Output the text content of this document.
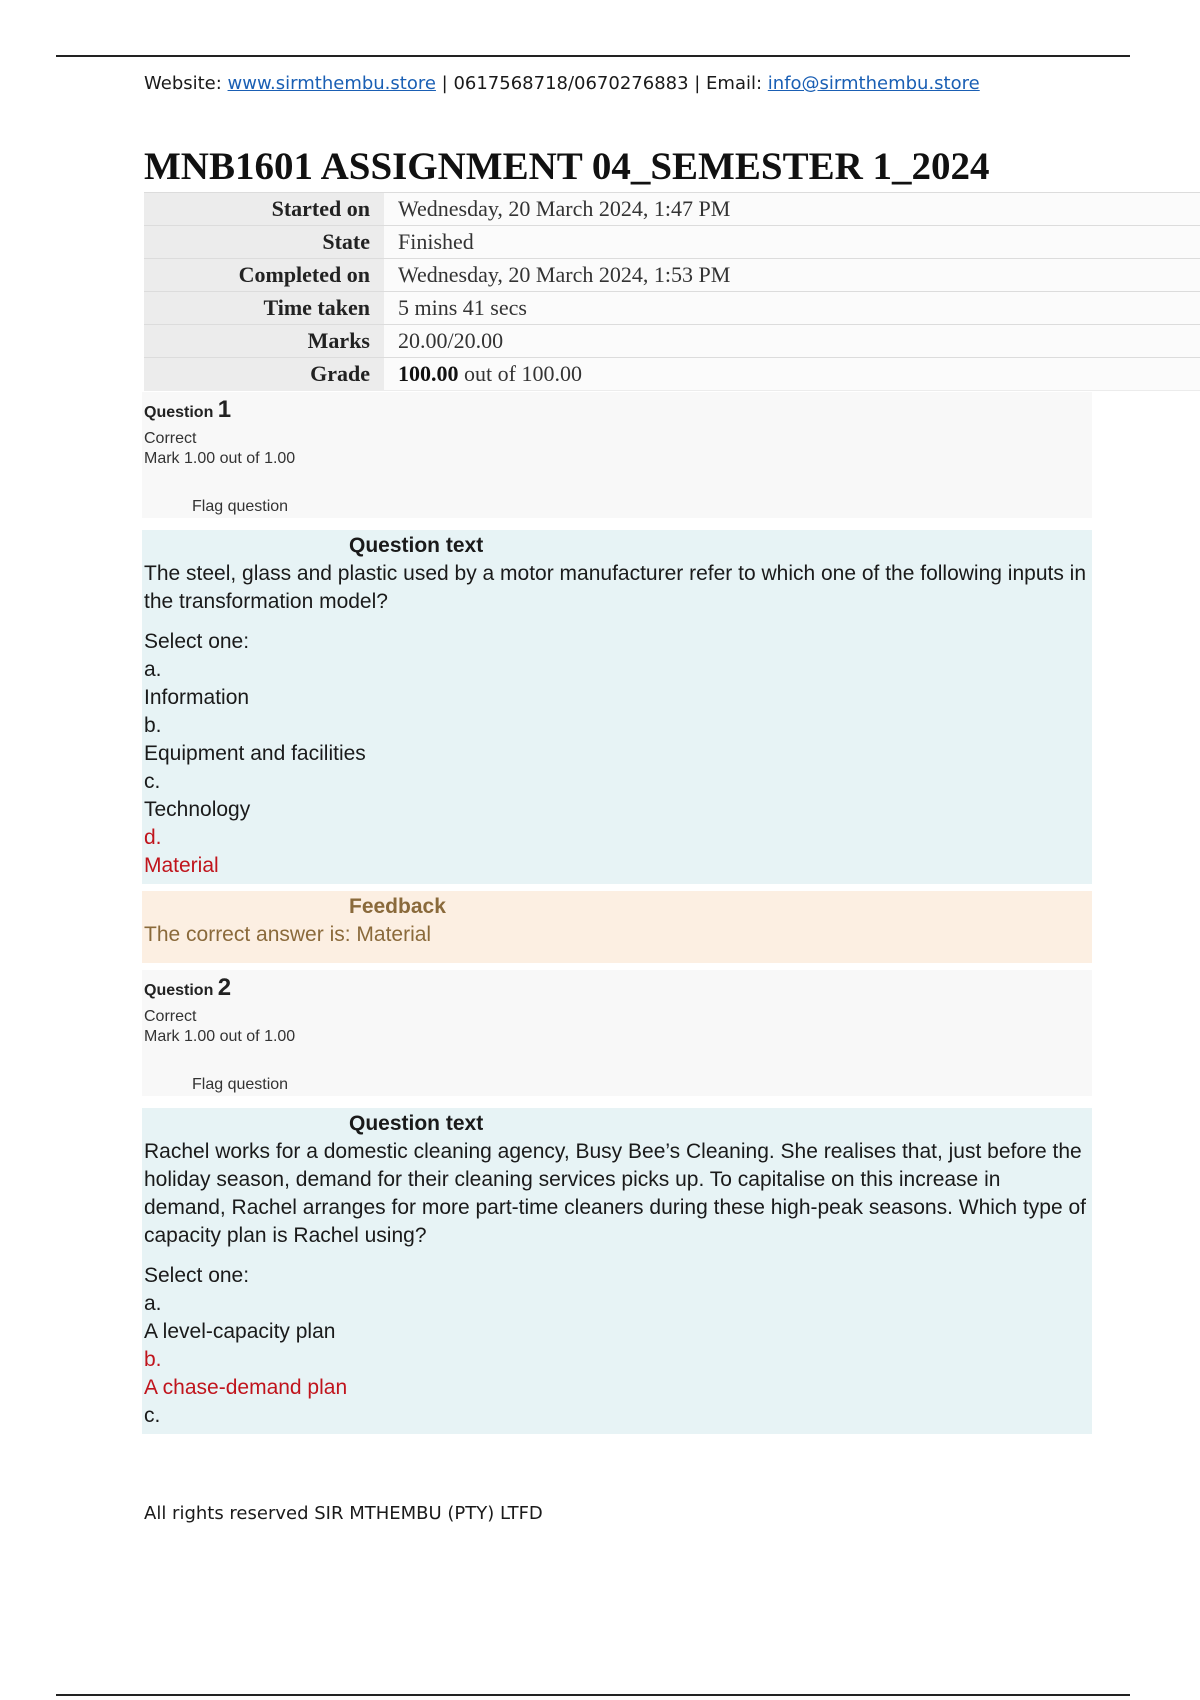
Website: www.sirmthembu.store | 0617568718/0670276883 | Email: info@sirmthembu.store
MNB1601 ASSIGNMENT 04_SEMESTER 1_2024
Started on	Wednesday, 20 March 2024, 1:47 PM
State	Finished
Completed on	Wednesday, 20 March 2024, 1:53 PM
Time taken	5 mins 41 secs
Marks	20.00/20.00
Grade	100.00 out of 100.00
Question 1
Correct
Mark 1.00 out of 1.00
Flag question
Question text
The steel, glass and plastic used by a motor manufacturer refer to which one of the following inputs in the transformation model?
Select one:
a.
Information
b.
Equipment and facilities
c.
Technology
d.
Material
Feedback
The correct answer is: Material
Question 2
Correct
Mark 1.00 out of 1.00
Flag question
Question text
Rachel works for a domestic cleaning agency, Busy Bee’s Cleaning. She realises that, just before the holiday season, demand for their cleaning services picks up. To capitalise on this increase in demand, Rachel arranges for more part-time cleaners during these high-peak seasons. Which type of capacity plan is Rachel using?
Select one:
a.
A level-capacity plan
b.
A chase-demand plan
c.
All rights reserved SIR MTHEMBU (PTY) LTFD
